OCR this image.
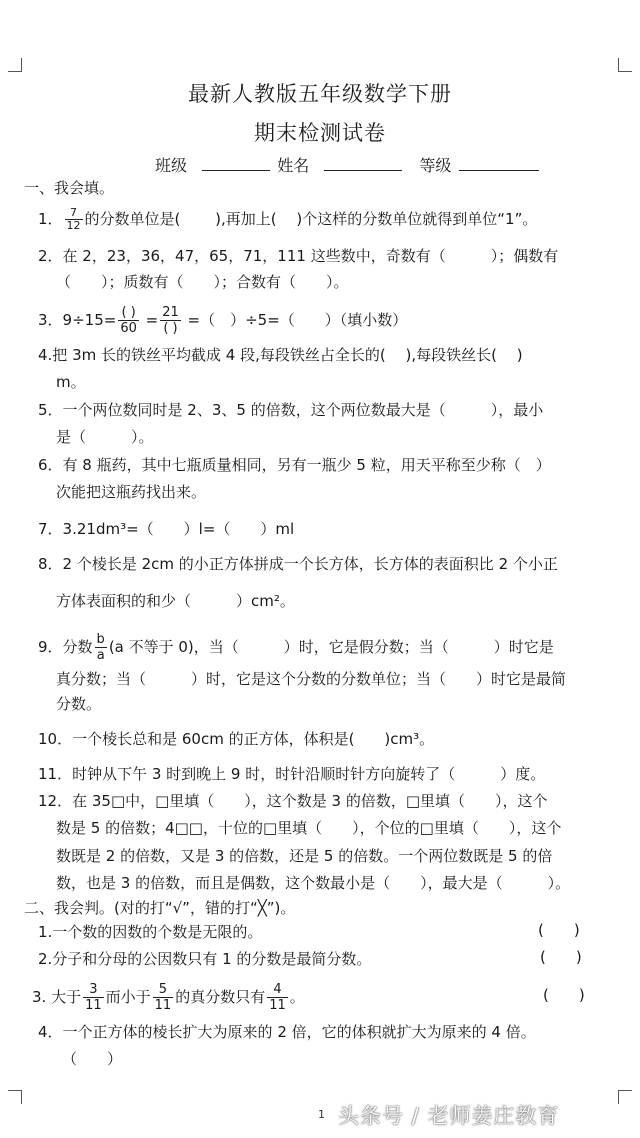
最新人教版五年级数学下册
期末检测试卷
班级	姓名	等级
一、我会填。
1． $\frac{7}{12}$ 的分数单位是(　　 ),再加上(　 )个这样的分数单位就得到单位“1”。
2．在 2，23，36，47，65，71，111 这些数中，奇数有（　　　）；偶数有
（　　）；质数有（　　）；合数有（　　）。
3．$9\div 15= \frac{( )}{60} = \frac{21}{( )}$ =（　）÷5=（　　）（填小数）
4.把 3m 长的铁丝平均截成 4 段,每段铁丝占全长的(　 ),每段铁丝长(　 )
m。
5．一个两位数同时是 2、3、5 的倍数，这个两位数最大是（　　　），最小
是（　　　）。
6．有 8 瓶药，其中七瓶质量相同，另有一瓶少 5 粒，用天平称至少称（　）
次能把这瓶药找出来。
7．3.21dm³=（　　）l=（　　）ml
8．2 个棱长是 2cm 的小正方体拼成一个长方体，长方体的表面积比 2 个小正
方体表面积的和少（　　　）cm²。
9．分数 $\frac{b}{a} (a$ 不等于 0)，当（　　　）时，它是假分数；当（　　　）时它是
真分数；当（　　　）时，它是这个分数的分数单位；当（　　）时它是最简
分数。
10．一个棱长总和是 60cm 的正方体，体积是(　　)cm³。
11．时钟从下午 3 时到晚上 9 时，时针沿顺时针方向旋转了（　　　）度。
12．在 35□中，□里填（　　），这个数是 3 的倍数，□里填（　　），这个
数是 5 的倍数；4□□，十位的□里填（　　），个位的□里填（　　），这个
数既是 2 的倍数，又是 3 的倍数，还是 5 的倍数。一个两位数既是 5 的倍
数，也是 3 的倍数，而且是偶数，这个数最小是（　　），最大是（　　　）。
二、我会判。(对的打“√”，错的打“╳”)。
1.一个数的因数的个数是无限的。	(　　)
2.分子和分母的公因数只有 1 的分数是最简分数。	(　　)
3. 大于 $\frac{3}{11}$ 而小于 $\frac{5}{11}$ 的真分数只有 $\frac{4}{11}$ 。	(　　)
4．一个正方体的棱长扩大为原来的 2 倍，它的体积就扩大为原来的 4 倍。
（　　）
1 头条号 / 老师姜庄教育
